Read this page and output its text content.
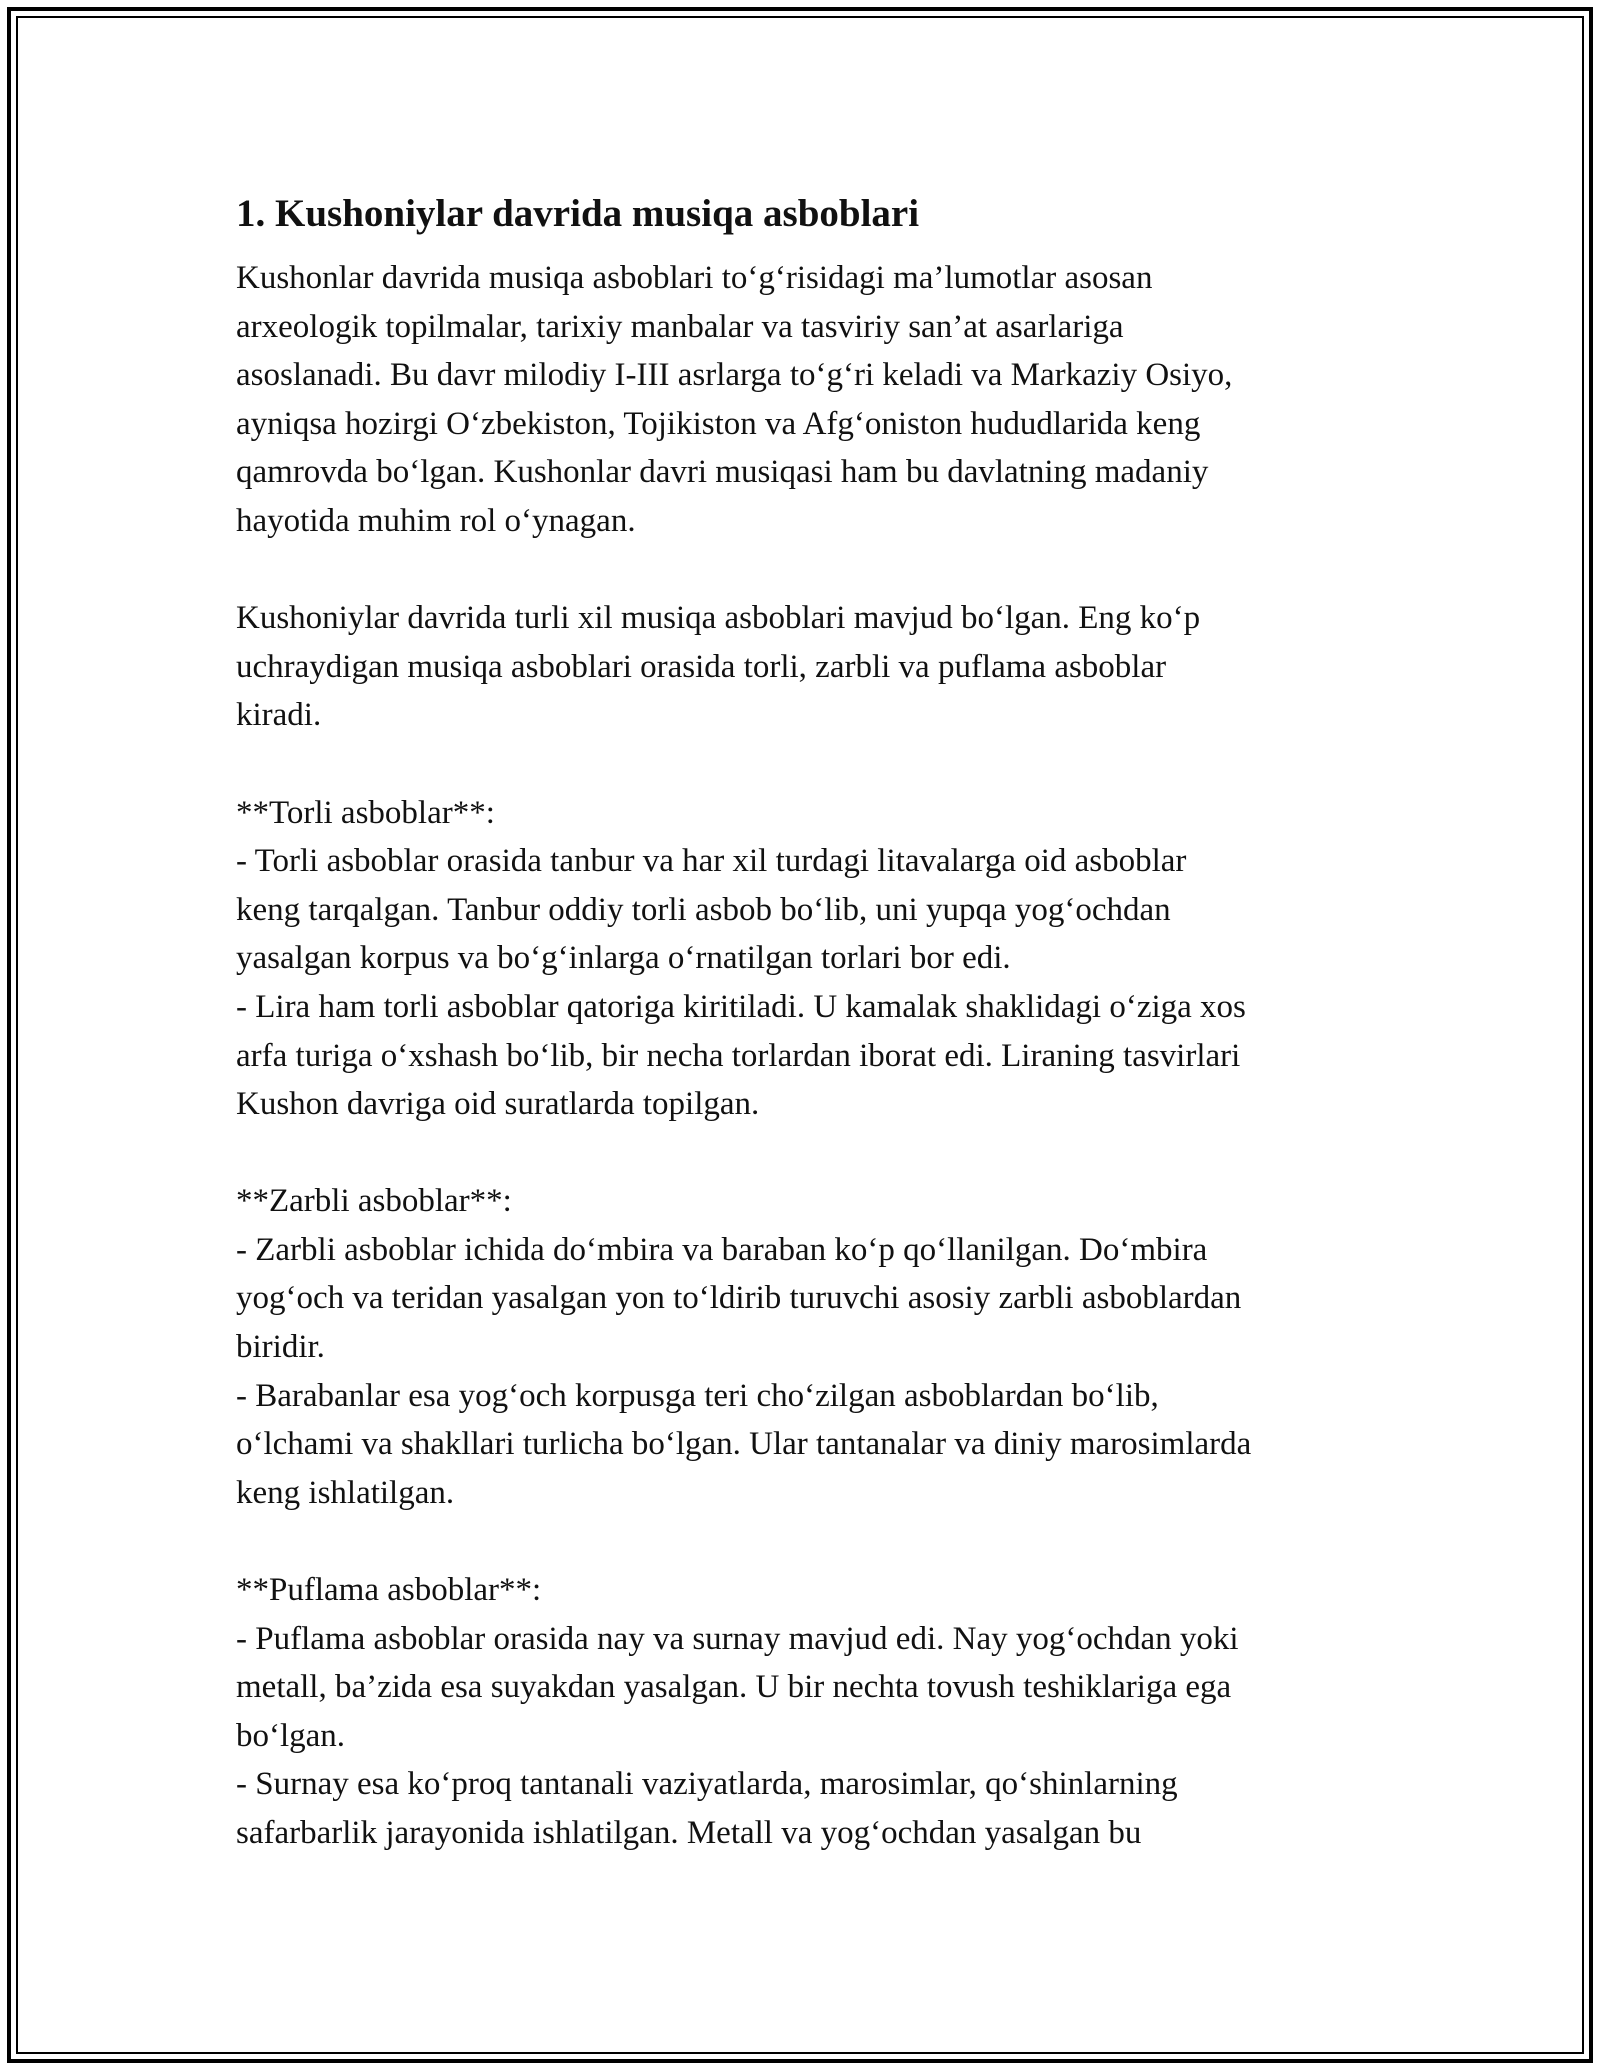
1. Kushoniylar davrida musiqa asboblari

Kushonlar davrida musiqa asboblari to‘g‘risidagi ma’lumotlar asosan
arxeologik topilmalar, tarixiy manbalar va tasviriy san’at asarlariga
asoslanadi. Bu davr milodiy I-III asrlarga to‘g‘ri keladi va Markaziy Osiyo,
ayniqsa hozirgi O‘zbekiston, Tojikiston va Afg‘oniston hududlarida keng
qamrovda bo‘lgan. Kushonlar davri musiqasi ham bu davlatning madaniy
hayotida muhim rol o‘ynagan.

Kushoniylar davrida turli xil musiqa asboblari mavjud bo‘lgan. Eng ko‘p
uchraydigan musiqa asboblari orasida torli, zarbli va puflama asboblar
kiradi.

**Torli asboblar**:
- Torli asboblar orasida tanbur va har xil turdagi litavalarga oid asboblar
keng tarqalgan. Tanbur oddiy torli asbob bo‘lib, uni yupqa yog‘ochdan
yasalgan korpus va bo‘g‘inlarga o‘rnatilgan torlari bor edi.
- Lira ham torli asboblar qatoriga kiritiladi. U kamalak shaklidagi o‘ziga xos
arfa turiga o‘xshash bo‘lib, bir necha torlardan iborat edi. Liraning tasvirlari
Kushon davriga oid suratlarda topilgan.
**Zarbli asboblar**:
- Zarbli asboblar ichida do‘mbira va baraban ko‘p qo‘llanilgan. Do‘mbira
yog‘och va teridan yasalgan yon to‘ldirib turuvchi asosiy zarbli asboblardan
biridir.
- Barabanlar esa yog‘och korpusga teri cho‘zilgan asboblardan bo‘lib,
o‘lchami va shakllari turlicha bo‘lgan. Ular tantanalar va diniy marosimlarda
keng ishlatilgan.
**Puflama asboblar**:
- Puflama asboblar orasida nay va surnay mavjud edi. Nay yog‘ochdan yoki
metall, ba’zida esa suyakdan yasalgan. U bir nechta tovush teshiklariga ega
bo‘lgan.
- Surnay esa ko‘proq tantanali vaziyatlarda, marosimlar, qo‘shinlarning
safarbarlik jarayonida ishlatilgan. Metall va yog‘ochdan yasalgan bu
